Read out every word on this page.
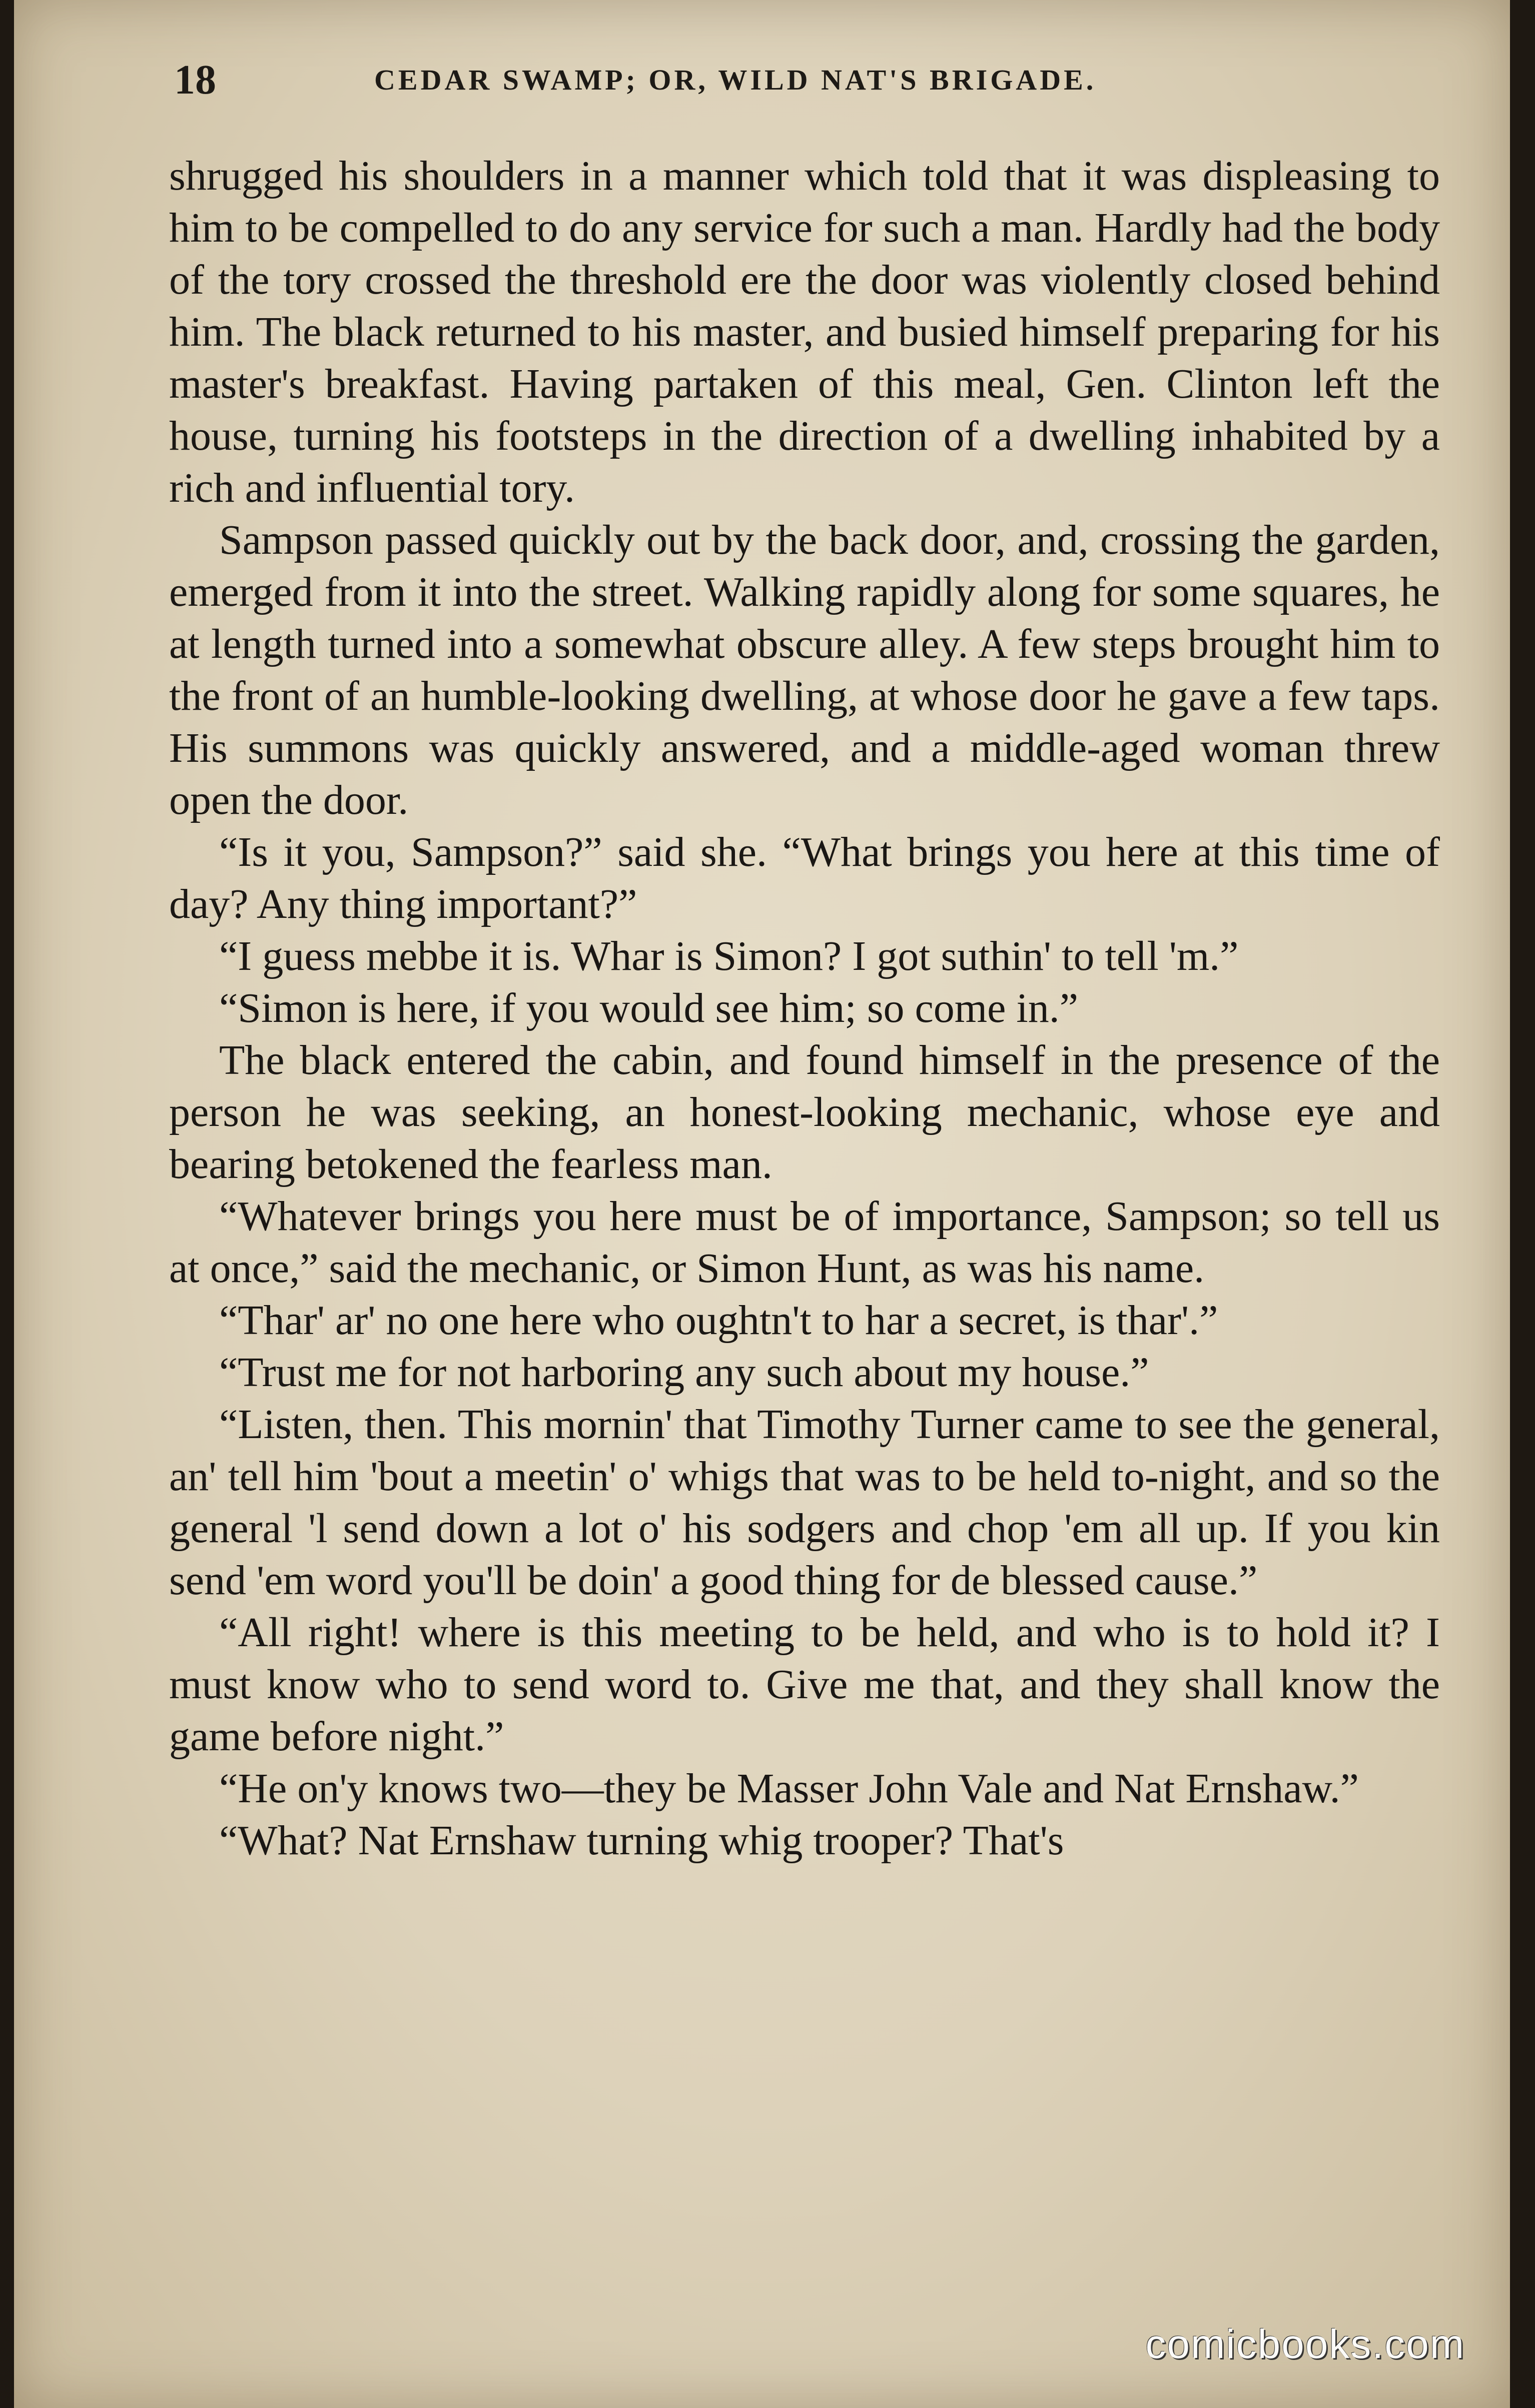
18	CEDAR SWAMP; OR, WILD NAT'S BRIGADE.

shrugged his shoulders in a manner which told that it was displeasing to him to be compelled to do any service for such a man. Hardly had the body of the tory crossed the threshold ere the door was violently closed behind him. The black returned to his master, and busied himself preparing for his master's breakfast. Having partaken of this meal, Gen. Clinton left the house, turning his footsteps in the direction of a dwelling inhabited by a rich and influential tory.

Sampson passed quickly out by the back door, and, crossing the garden, emerged from it into the street. Walking rapidly along for some squares, he at length turned into a somewhat obscure alley. A few steps brought him to the front of an humble-looking dwelling, at whose door he gave a few taps. His summons was quickly answered, and a middle-aged woman threw open the door.

“Is it you, Sampson?” said she. “What brings you here at this time of day? Any thing important?”

“I guess mebbe it is. Whar is Simon? I got suthin' to tell 'm.”

“Simon is here, if you would see him; so come in.”

The black entered the cabin, and found himself in the presence of the person he was seeking, an honest-looking mechanic, whose eye and bearing betokened the fearless man.

“Whatever brings you here must be of importance, Sampson; so tell us at once,” said the mechanic, or Simon Hunt, as was his name.

“Thar' ar' no one here who oughtn't to har a secret, is thar'.”

“Trust me for not harboring any such about my house.”

“Listen, then. This mornin' that Timothy Turner came to see the general, an' tell him 'bout a meetin' o' whigs that was to be held to-night, and so the general 'l send down a lot o' his sodgers and chop 'em all up. If you kin send 'em word you'll be doin' a good thing for de blessed cause.”

“All right! where is this meeting to be held, and who is to hold it? I must know who to send word to. Give me that, and they shall know the game before night.”

“He on'y knows two—they be Masser John Vale and Nat Ernshaw.”

“What? Nat Ernshaw turning whig trooper? That's

comicbooks.com
